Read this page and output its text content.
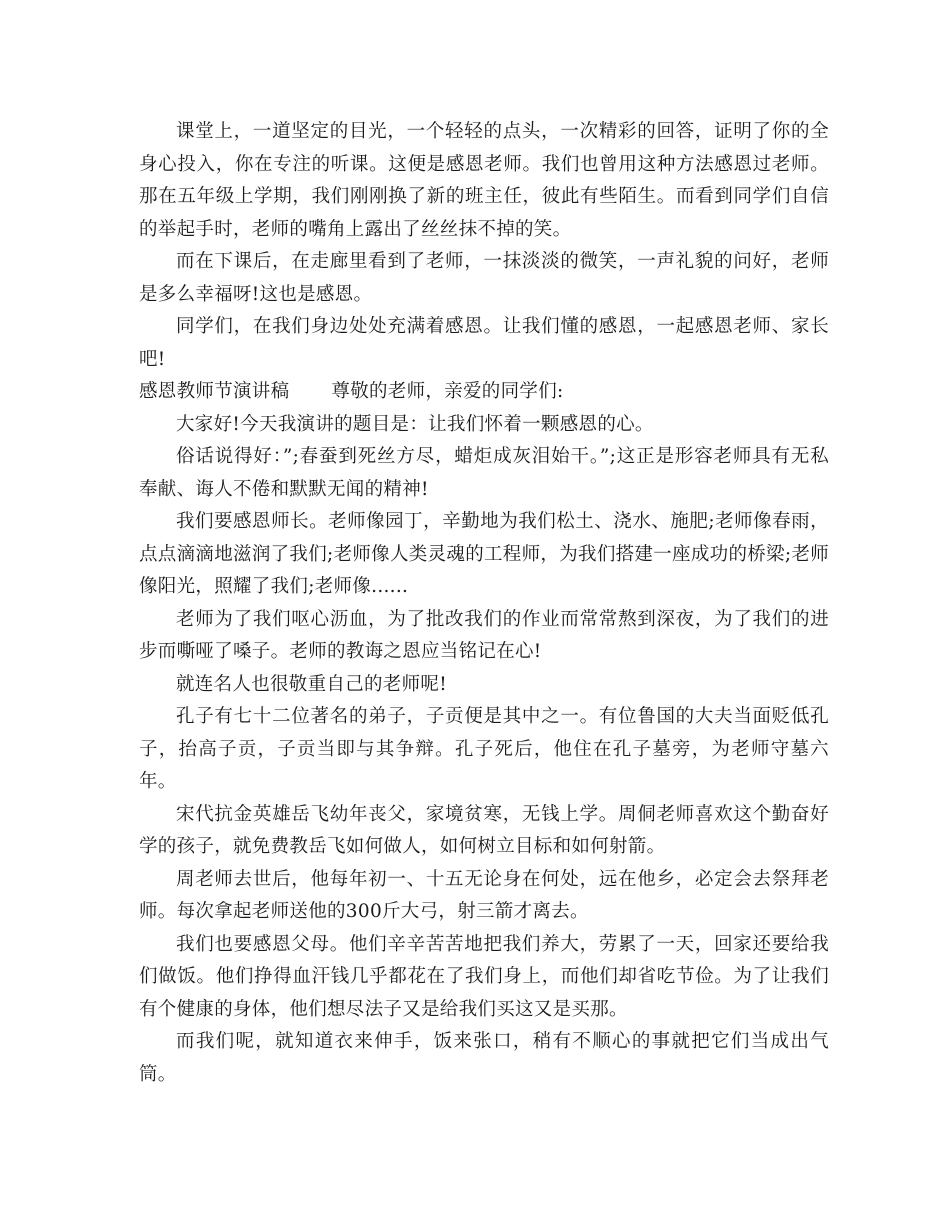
课堂上，一道坚定的目光，一个轻轻的点头，一次精彩的回答，证明了你的全身心投入，你在专注的听课。这便是感恩老师。我们也曾用这种方法感恩过老师。那在五年级上学期，我们刚刚换了新的班主任，彼此有些陌生。而看到同学们自信的举起手时，老师的嘴角上露出了丝丝抹不掉的笑。

而在下课后，在走廊里看到了老师，一抹淡淡的微笑，一声礼貌的问好，老师是多么幸福呀!这也是感恩。

同学们，在我们身边处处充满着感恩。让我们懂的感恩，一起感恩老师、家长吧!

感恩教师节演讲稿 尊敬的老师，亲爱的同学们:

大家好!今天我演讲的题目是：让我们怀着一颗感恩的心。

俗话说得好：”;春蚕到死丝方尽，蜡炬成灰泪始干。”;这正是形容老师具有无私奉献、诲人不倦和默默无闻的精神!

我们要感恩师长。老师像园丁，辛勤地为我们松土、浇水、施肥;老师像春雨，点点滴滴地滋润了我们;老师像人类灵魂的工程师，为我们搭建一座成功的桥梁;老师像阳光，照耀了我们;老师像......

老师为了我们呕心沥血，为了批改我们的作业而常常熬到深夜，为了我们的进步而嘶哑了嗓子。老师的教诲之恩应当铭记在心!

就连名人也很敬重自己的老师呢!

孔子有七十二位著名的弟子，子贡便是其中之一。有位鲁国的大夫当面贬低孔子，抬高子贡，子贡当即与其争辩。孔子死后，他住在孔子墓旁，为老师守墓六年。

宋代抗金英雄岳飞幼年丧父，家境贫寒，无钱上学。周侗老师喜欢这个勤奋好学的孩子，就免费教岳飞如何做人，如何树立目标和如何射箭。

周老师去世后，他每年初一、十五无论身在何处，远在他乡，必定会去祭拜老师。每次拿起老师送他的300斤大弓，射三箭才离去。

我们也要感恩父母。他们辛辛苦苦地把我们养大，劳累了一天，回家还要给我们做饭。他们挣得血汗钱几乎都花在了我们身上，而他们却省吃节俭。为了让我们有个健康的身体，他们想尽法子又是给我们买这又是买那。

而我们呢，就知道衣来伸手，饭来张口，稍有不顺心的事就把它们当成出气筒。
